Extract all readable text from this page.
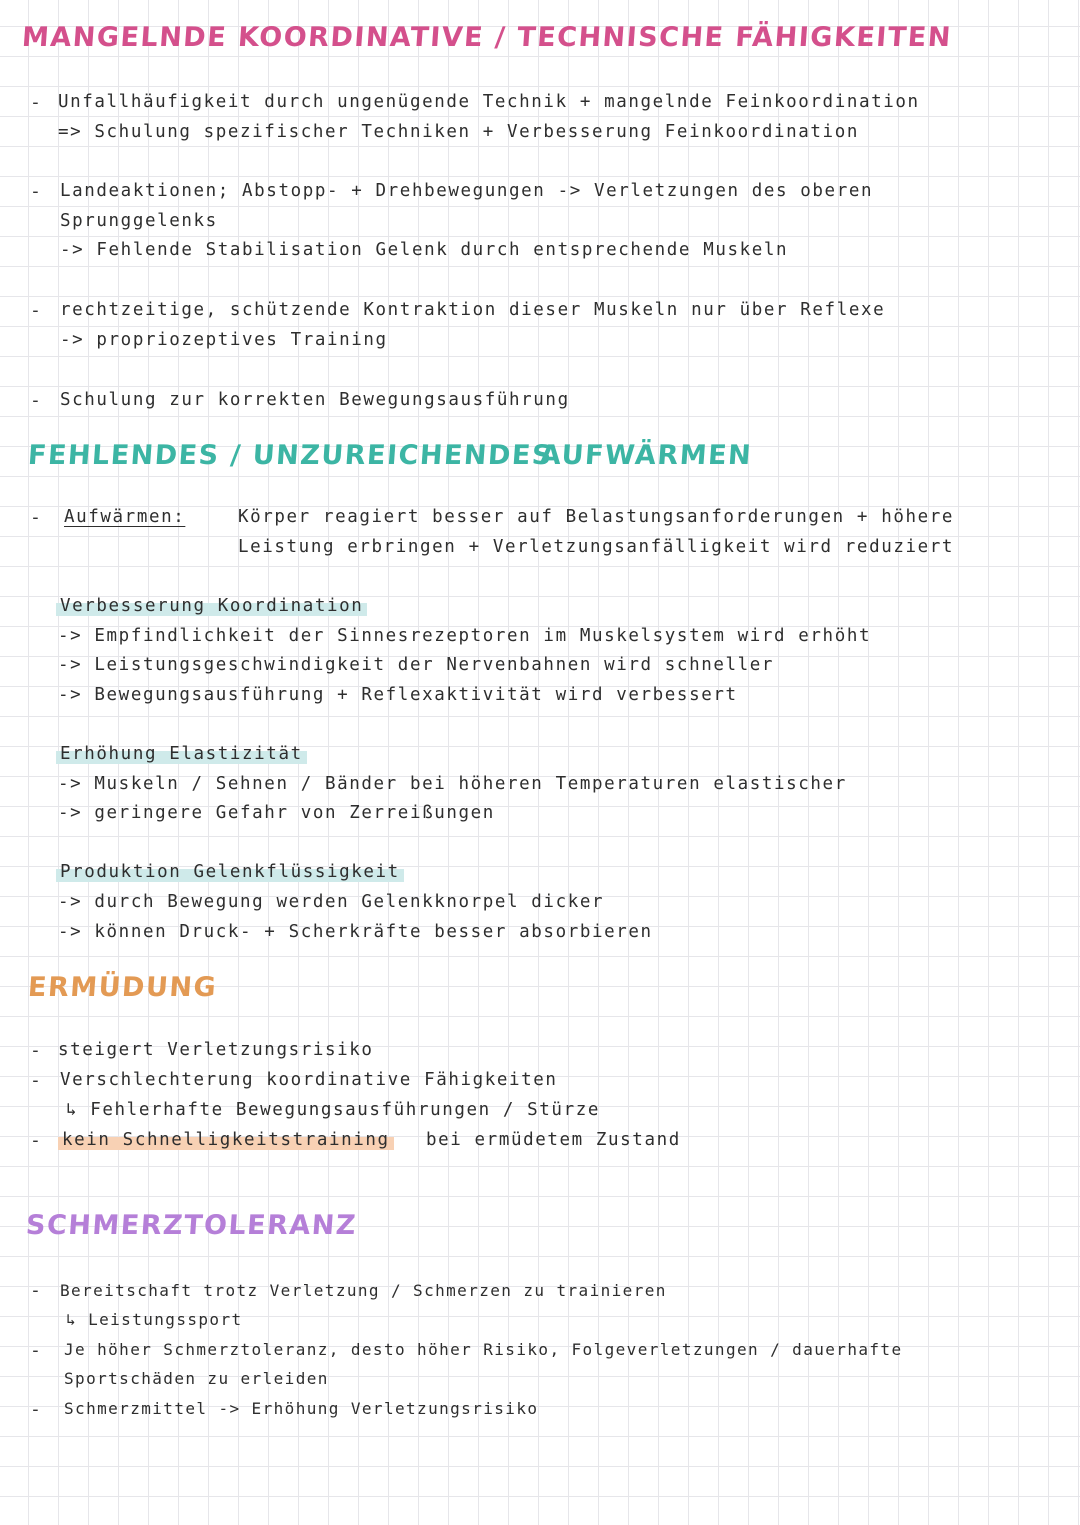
MANGELNDE KOORDINATIVE / TECHNISCHE FÄHIGKEITEN
- Unfallhäufigkeit durch ungenügende Technik + mangelnde Feinkoordination
=> Schulung spezifischer Techniken + Verbesserung Feinkoordination
- Landeaktionen; Abstopp- + Drehbewegungen -> Verletzungen des oberen
Sprunggelenks
-> Fehlende Stabilisation Gelenk durch entsprechende Muskeln
- rechtzeitige, schützende Kontraktion dieser Muskeln nur über Reflexe
-> propriozeptives Training
- Schulung zur korrekten Bewegungsausführung
FEHLENDES / UNZUREICHENDES
AUFWÄRMEN
- Aufwärmen:	Körper reagiert besser auf Belastungsanforderungen + höhere
Leistung erbringen + Verletzungsanfälligkeit wird reduziert
Verbesserung Koordination
-> Empfindlichkeit der Sinnesrezeptoren im Muskelsystem wird erhöht
-> Leistungsgeschwindigkeit der Nervenbahnen wird schneller
-> Bewegungsausführung + Reflexaktivität wird verbessert
Erhöhung Elastizität
-> Muskeln / Sehnen / Bänder bei höheren Temperaturen elastischer
-> geringere Gefahr von Zerreißungen
Produktion Gelenkflüssigkeit
-> durch Bewegung werden Gelenkknorpel dicker
-> können Druck- + Scherkräfte besser absorbieren
ERMÜDUNG
- steigert Verletzungsrisiko
- Verschlechterung koordinative Fähigkeiten
↳ Fehlerhafte Bewegungsausführungen / Stürze
- kein Schnelligkeitstraining bei ermüdetem Zustand
SCHMERZTOLERANZ
- Bereitschaft trotz Verletzung / Schmerzen zu trainieren
↳ Leistungssport
- Je höher Schmerztoleranz, desto höher Risiko, Folgeverletzungen / dauerhafte
Sportschäden zu erleiden
- Schmerzmittel -> Erhöhung Verletzungsrisiko
